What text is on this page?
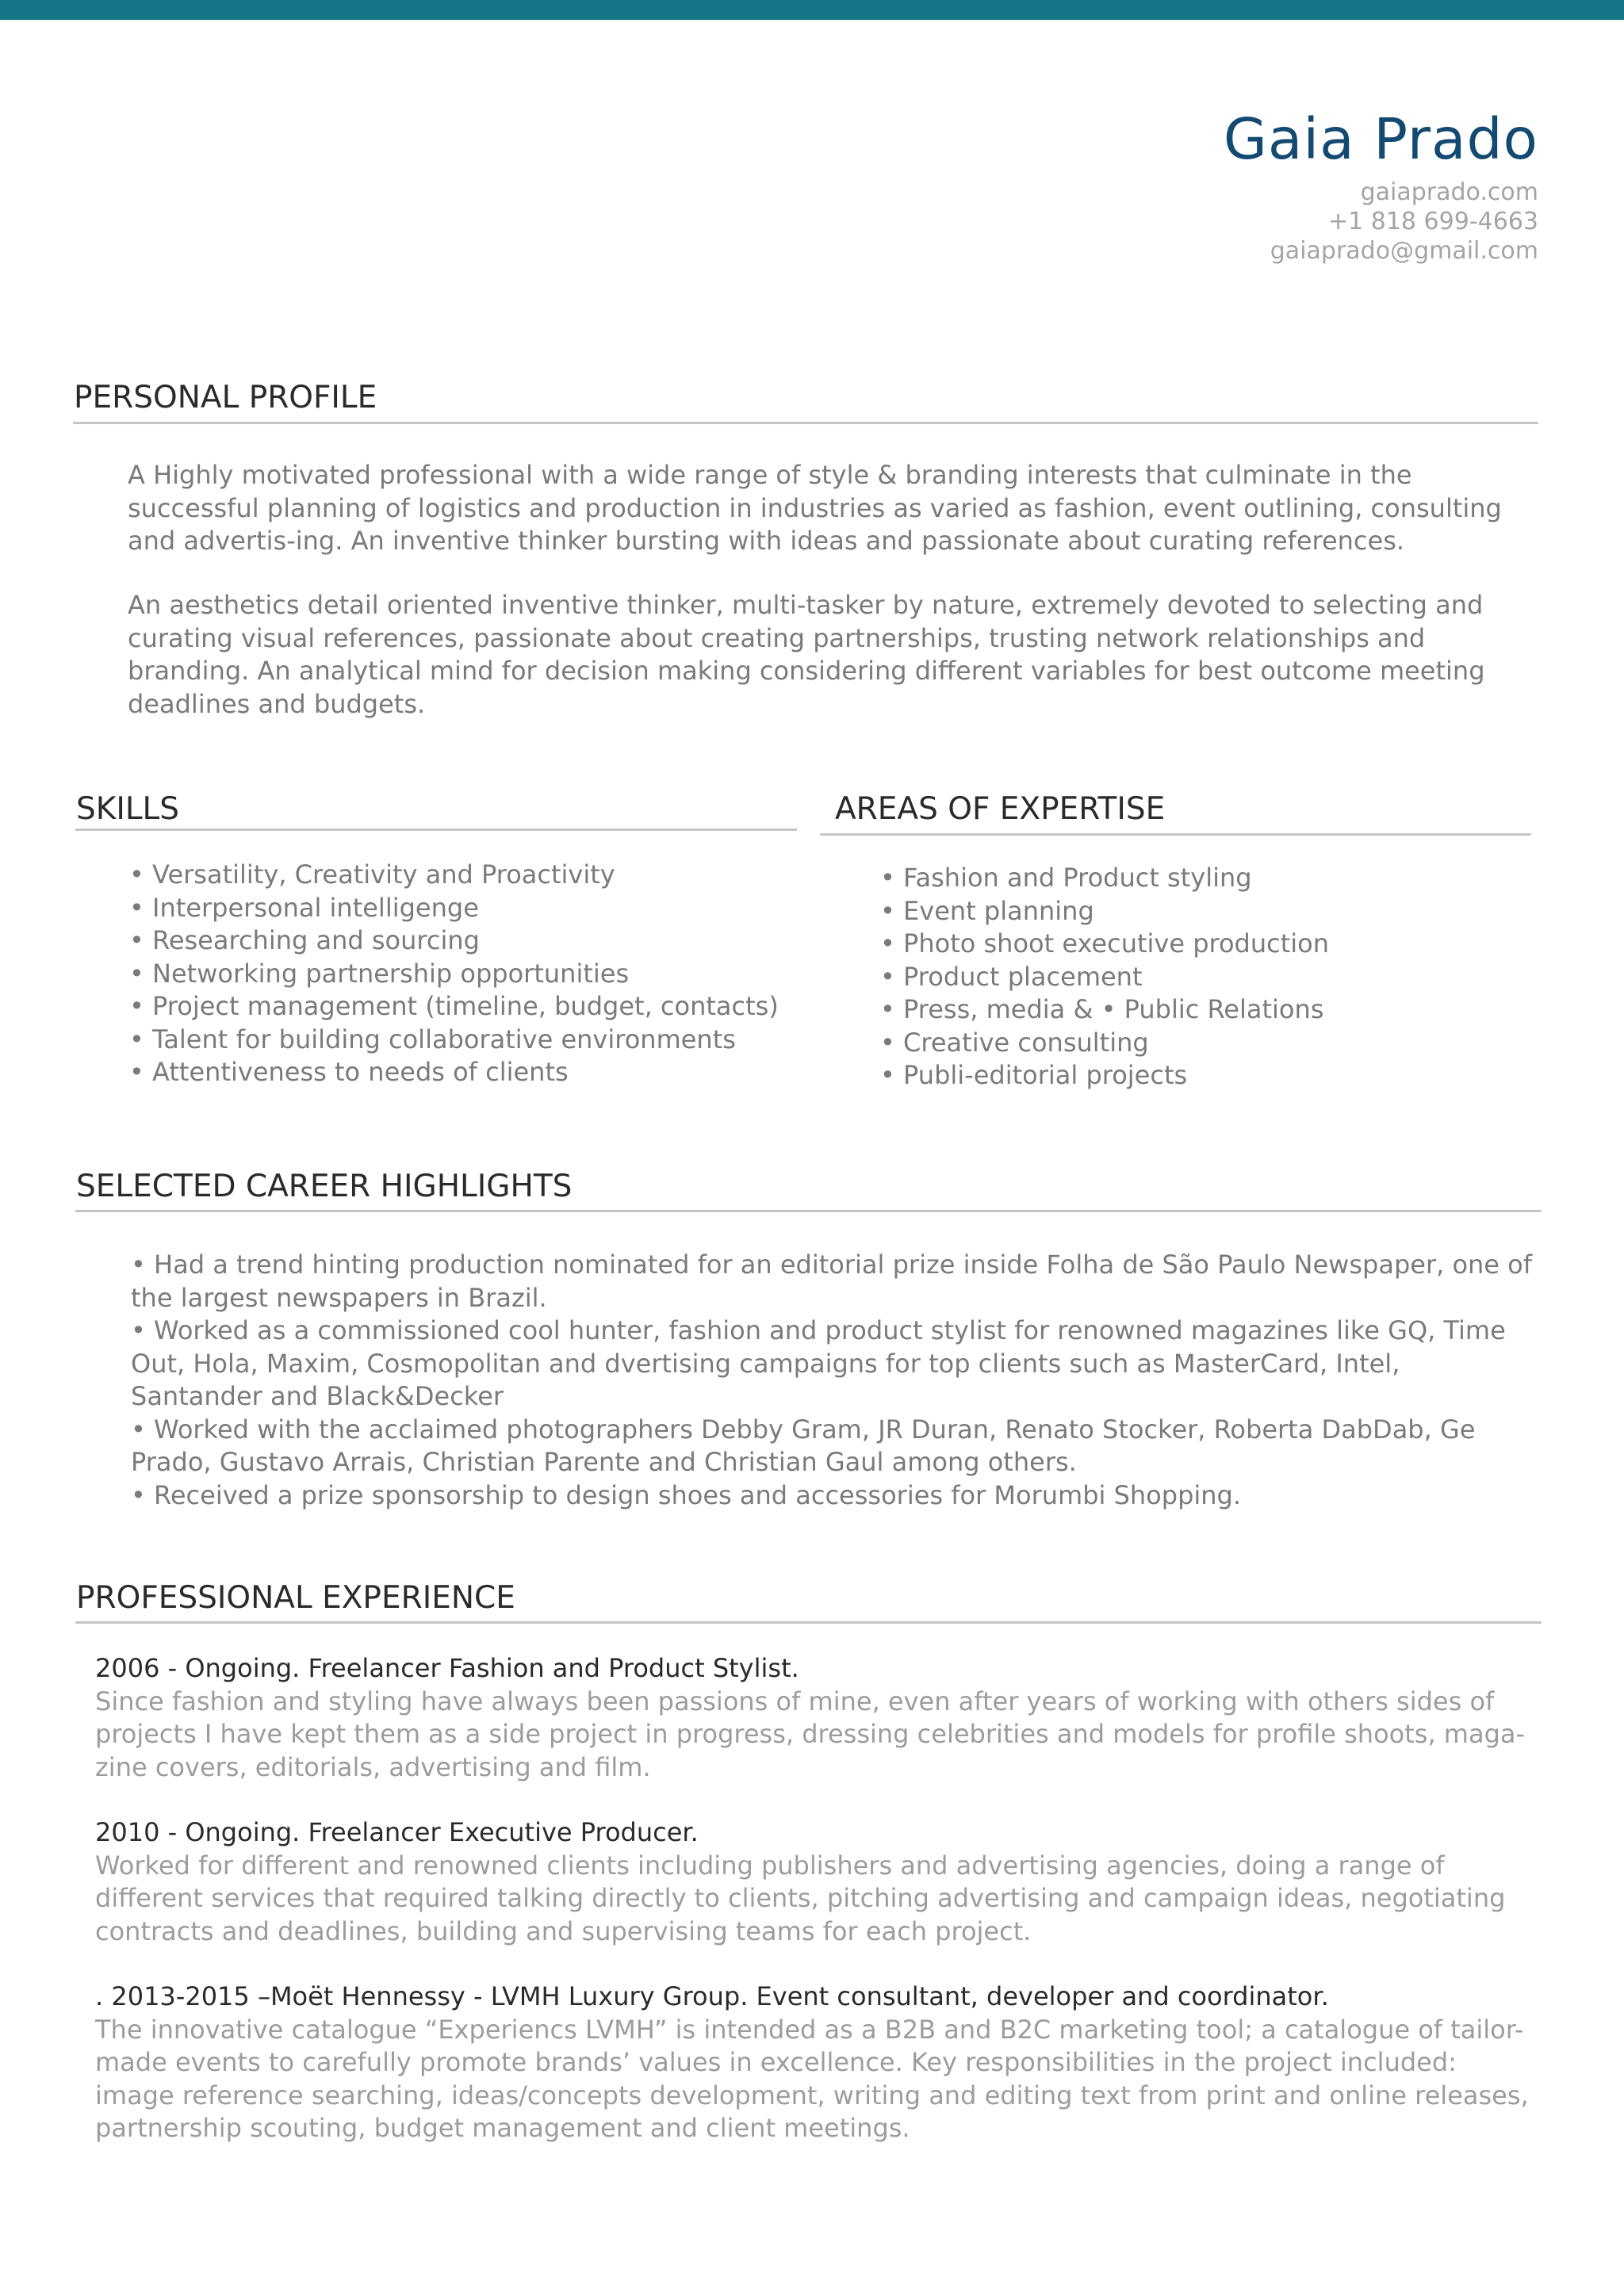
Gaia Prado
gaiaprado.com
+1 818 699-4663
gaiaprado@gmail.com
PERSONAL PROFILE

A Highly motivated professional with a wide range of style & branding interests that culminate in the successful planning of logistics and production in industries as varied as fashion, event outlining, consulting and advertis-ing. An inventive thinker bursting with ideas and passionate about curating references.

An aesthetics detail oriented inventive thinker, multi-tasker by nature, extremely devoted to selecting and curating visual references, passionate about creating partnerships, trusting network relationships and branding. An analytical mind for decision making considering different variables for best outcome meeting deadlines and budgets.

SKILLS
• Versatility, Creativity and Proactivity
• Interpersonal intelligenge
• Researching and sourcing
• Networking partnership opportunities
• Project management (timeline, budget, contacts)
• Talent for building collaborative environments
• Attentiveness to needs of clients
AREAS OF EXPERTISE
• Fashion and Product styling
• Event planning
• Photo shoot executive production
• Product placement
• Press, media & • Public Relations
• Creative consulting
• Publi-editorial projects
SELECTED CAREER HIGHLIGHTS
• Had a trend hinting production nominated for an editorial prize inside Folha de São Paulo Newspaper, one of the largest newspapers in Brazil.
• Worked as a commissioned cool hunter, fashion and product stylist for renowned magazines like GQ, Time Out, Hola, Maxim, Cosmopolitan and dvertising campaigns for top clients such as MasterCard, Intel, Santander and Black&Decker
• Worked with the acclaimed photographers Debby Gram, JR Duran, Renato Stocker, Roberta DabDab, Ge Prado, Gustavo Arrais, Christian Parente and Christian Gaul among others.
• Received a prize sponsorship to design shoes and accessories for Morumbi Shopping.
PROFESSIONAL EXPERIENCE
2006 - Ongoing. Freelancer Fashion and Product Stylist.
Since fashion and styling have always been passions of mine, even after years of working with others sides of projects I have kept them as a side project in progress, dressing celebrities and models for profile shoots, maga-zine covers, editorials, advertising and film.
2010 - Ongoing. Freelancer Executive Producer.
Worked for different and renowned clients including publishers and advertising agencies, doing a range of different services that required talking directly to clients, pitching advertising and campaign ideas, negotiating contracts and deadlines, building and supervising teams for each project.
. 2013-2015 –Moët Hennessy - LVMH Luxury Group. Event consultant, developer and coordinator.
The innovative catalogue “Experiencs LVMH” is intended as a B2B and B2C marketing tool; a catalogue of tailor-made events to carefully promote brands’ values in excellence. Key responsibilities in the project included: image reference searching, ideas/concepts development, writing and editing text from print and online releases, partnership scouting, budget management and client meetings.
